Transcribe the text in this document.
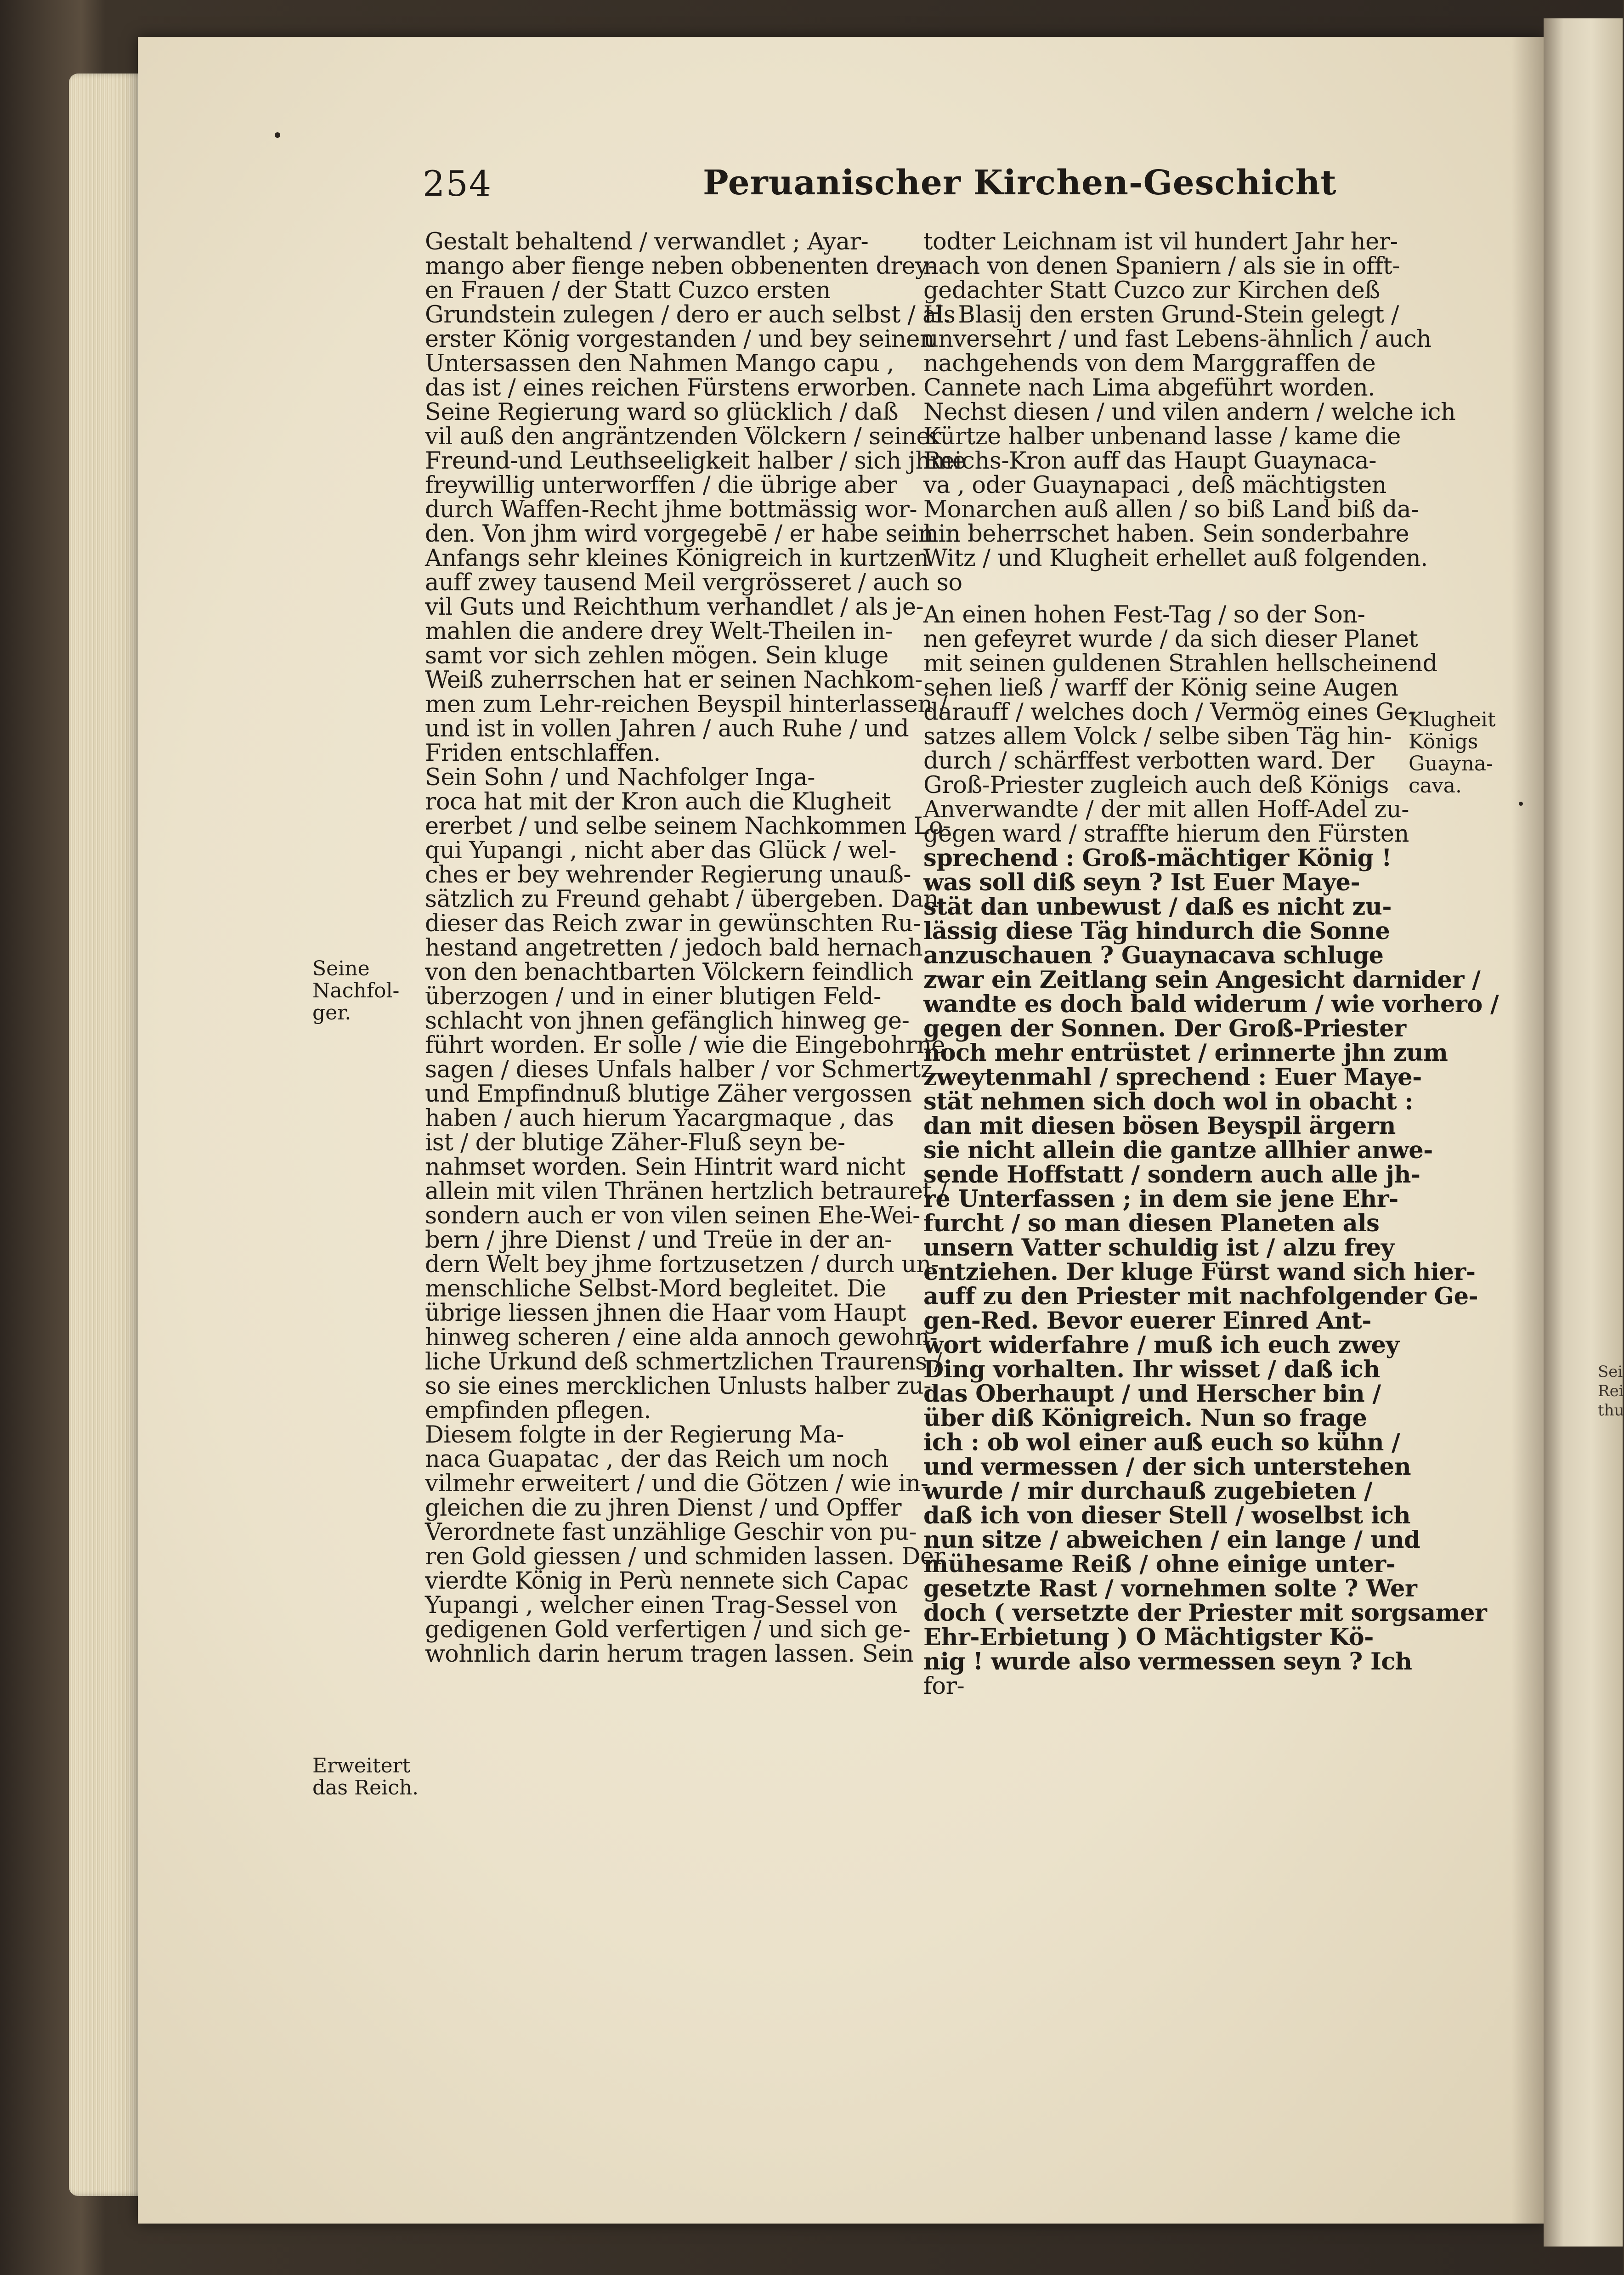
254	Peruanischer Kirchen-Geschicht
Gestalt behaltend / verwandlet ; Ayar-
mango aber fienge neben obbenenten drey-
en Frauen / der Statt Cuzco ersten
Grundstein zulegen / dero er auch selbst / als
erster König vorgestanden / und bey seinen
Untersassen den Nahmen Mango capu ,
das ist / eines reichen Fürstens erworben.
Seine Regierung ward so glücklich / daß
vil auß den angräntzenden Völckern / seiner
Freund-und Leuthseeligkeit halber / sich jhme
freywillig unterworffen / die übrige aber
durch Waffen-Recht jhme bottmässig wor-
den. Von jhm wird vorgegebē / er habe sein
Anfangs sehr kleines Königreich in kurtzen
auff zwey tausend Meil vergrösseret / auch so
vil Guts und Reichthum verhandlet / als je-
mahlen die andere drey Welt-Theilen in-
samt vor sich zehlen mögen. Sein kluge
Weiß zuherrschen hat er seinen Nachkom-
men zum Lehr-reichen Beyspil hinterlassen /
und ist in vollen Jahren / auch Ruhe / und
Friden entschlaffen.
Sein Sohn / und Nachfolger Inga-
roca hat mit der Kron auch die Klugheit
ererbet / und selbe seinem Nachkommen Lo-
qui Yupangi , nicht aber das Glück / wel-
ches er bey wehrender Regierung unauß-
sätzlich zu Freund gehabt / übergeben. Dan
dieser das Reich zwar in gewünschten Ru-
hestand angetretten / jedoch bald hernach
von den benachtbarten Völckern feindlich
überzogen / und in einer blutigen Feld-
schlacht von jhnen gefänglich hinweg ge-
führt worden. Er solle / wie die Eingebohrne
sagen / dieses Unfals halber / vor Schmertz
und Empfindnuß blutige Zäher vergossen
haben / auch hierum Yacargmaque , das
ist / der blutige Zäher-Fluß seyn be-
nahmset worden. Sein Hintrit ward nicht
allein mit vilen Thränen hertzlich betrauret /
sondern auch er von vilen seinen Ehe-Wei-
bern / jhre Dienst / und Treüe in der an-
dern Welt bey jhme fortzusetzen / durch un-
menschliche Selbst-Mord begleitet. Die
übrige liessen jhnen die Haar vom Haupt
hinweg scheren / eine alda annoch gewohn-
liche Urkund deß schmertzlichen Traurens /
so sie eines mercklichen Unlusts halber zu-
empfinden pflegen.
Diesem folgte in der Regierung Ma-
naca Guapatac , der das Reich um noch
vilmehr erweitert / und die Götzen / wie in-
gleichen die zu jhren Dienst / und Opffer
Verordnete fast unzählige Geschir von pu-
ren Gold giessen / und schmiden lassen. Der
vierdte König in Perù nennete sich Capac
Yupangi , welcher einen Trag-Sessel von
gedigenen Gold verfertigen / und sich ge-
wohnlich darin herum tragen lassen. Sein
todter Leichnam ist vil hundert Jahr her-
nach von denen Spaniern / als sie in offt-
gedachter Statt Cuzco zur Kirchen deß
H. Blasij den ersten Grund-Stein gelegt /
unversehrt / und fast Lebens-ähnlich / auch
nachgehends von dem Marggraffen de
Cannete nach Lima abgeführt worden.
Nechst diesen / und vilen andern / welche ich
Kürtze halber unbenand lasse / kame die
Reichs-Kron auff das Haupt Guaynaca-
va , oder Guaynapaci , deß mächtigsten
Monarchen auß allen / so biß Land biß da-
hin beherrschet haben. Sein sonderbahre
Witz / und Klugheit erhellet auß folgenden.
An einen hohen Fest-Tag / so der Son-
nen gefeyret wurde / da sich dieser Planet
mit seinen guldenen Strahlen hellscheinend
sehen ließ / warff der König seine Augen
darauff / welches doch / Vermög eines Ge-
satzes allem Volck / selbe siben Täg hin-
durch / schärffest verbotten ward. Der
Groß-Priester zugleich auch deß Königs
Anverwandte / der mit allen Hoff-Adel zu-
gegen ward / straffte hierum den Fürsten
sprechend : Groß-mächtiger König !
was soll diß seyn ? Ist Euer Maye-
stät dan unbewust / daß es nicht zu-
lässig diese Täg hindurch die Sonne
anzuschauen ? Guaynacava schluge
zwar ein Zeitlang sein Angesicht darnider /
wandte es doch bald widerum / wie vorhero /
gegen der Sonnen. Der Groß-Priester
noch mehr entrüstet / erinnerte jhn zum
zweytenmahl / sprechend : Euer Maye-
stät nehmen sich doch wol in obacht :
dan mit diesen bösen Beyspil ärgern
sie nicht allein die gantze allhier anwe-
sende Hoffstatt / sondern auch alle jh-
re Unterfassen ; in dem sie jene Ehr-
furcht / so man diesen Planeten als
unsern Vatter schuldig ist / alzu frey
entziehen. Der kluge Fürst wand sich hier-
auff zu den Priester mit nachfolgender Ge-
gen-Red. Bevor euerer Einred Ant-
wort widerfahre / muß ich euch zwey
Ding vorhalten. Ihr wisset / daß ich
das Oberhaupt / und Herscher bin /
über diß Königreich. Nun so frage
ich : ob wol einer auß euch so kühn /
und vermessen / der sich unterstehen
wurde / mir durchauß zugebieten /
daß ich von dieser Stell / woselbst ich
nun sitze / abweichen / ein lange / und
mühesame Reiß / ohne einige unter-
gesetzte Rast / vornehmen solte ? Wer
doch ( versetzte der Priester mit sorgsamer
Ehr-Erbietung ) O Mächtigster Kö-
nig ! wurde also vermessen seyn ? Ich
for-
Seine
Nachfol-
ger.
Erweitert
das Reich.
Klugheit
Königs
Guayna-
cava.
Sei
Rei
thu
